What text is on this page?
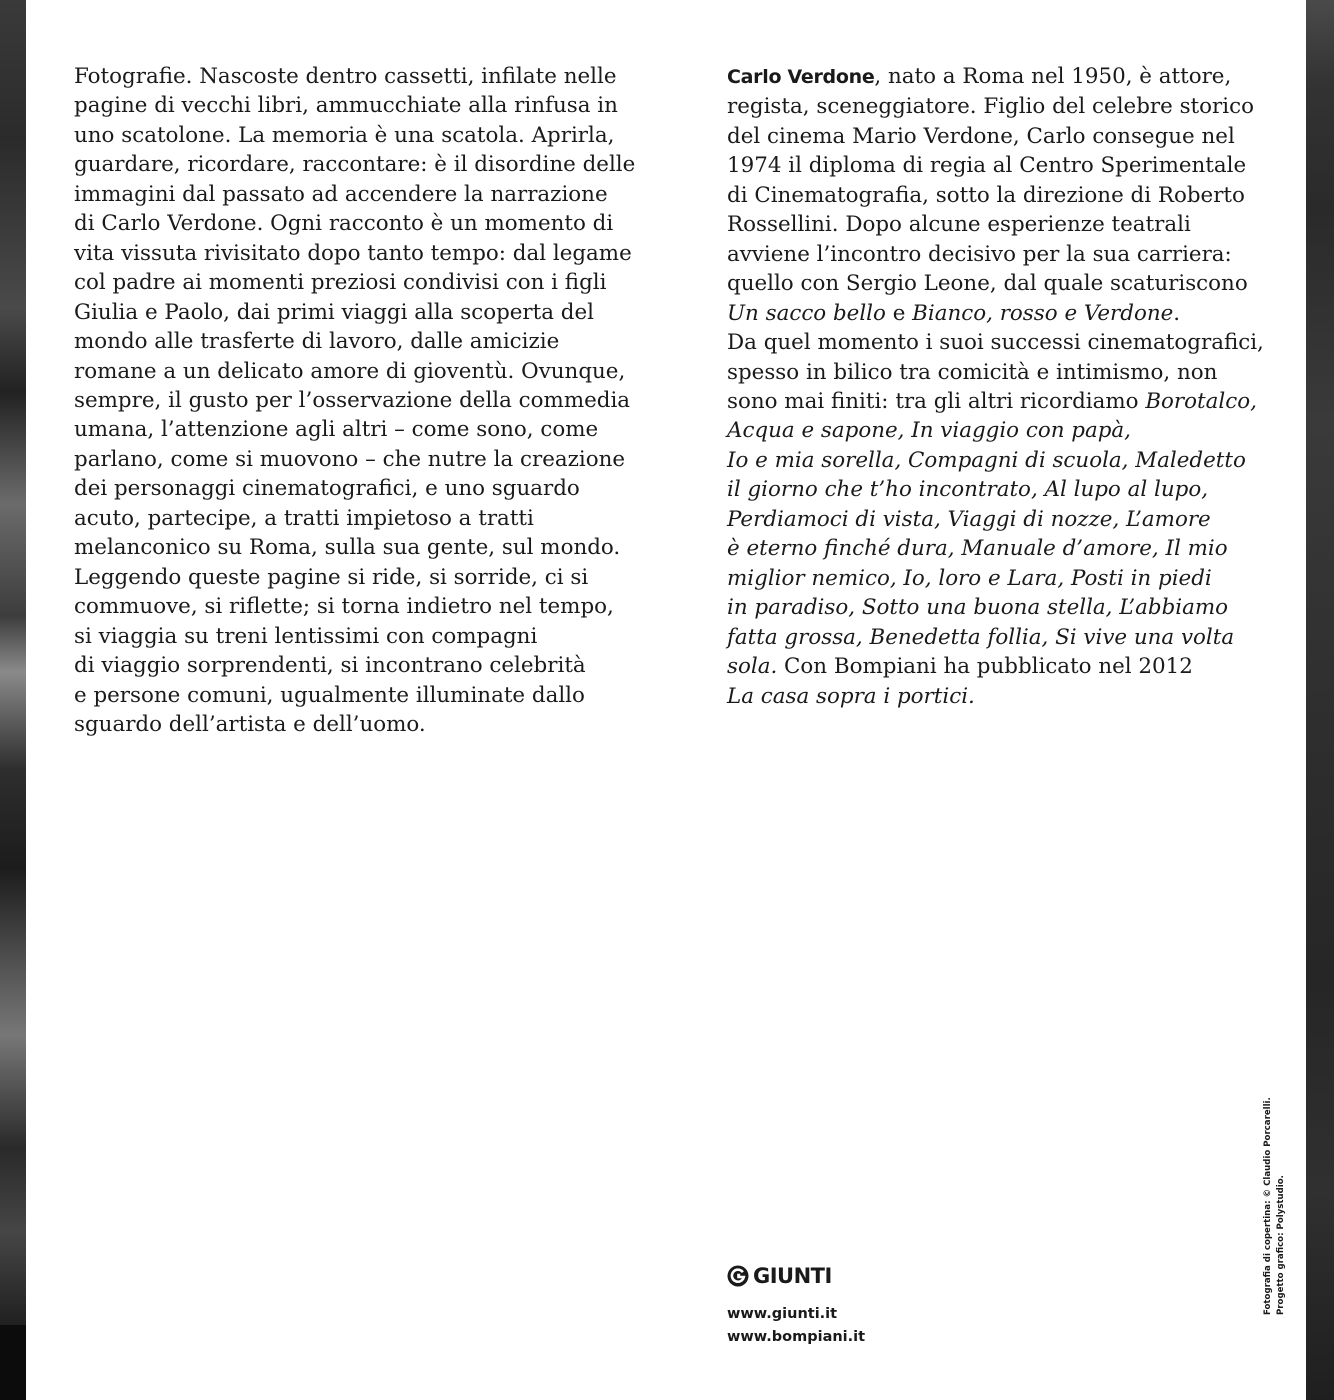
Fotografie. Nascoste dentro cassetti, infilate nelle
pagine di vecchi libri, ammucchiate alla rinfusa in
uno scatolone. La memoria è una scatola. Aprirla,
guardare, ricordare, raccontare: è il disordine delle
immagini dal passato ad accendere la narrazione
di Carlo Verdone. Ogni racconto è un momento di
vita vissuta rivisitato dopo tanto tempo: dal legame
col padre ai momenti preziosi condivisi con i figli
Giulia e Paolo, dai primi viaggi alla scoperta del
mondo alle trasferte di lavoro, dalle amicizie
romane a un delicato amore di gioventù. Ovunque,
sempre, il gusto per l’osservazione della commedia
umana, l’attenzione agli altri – come sono, come
parlano, come si muovono – che nutre la creazione
dei personaggi cinematografici, e uno sguardo
acuto, partecipe, a tratti impietoso a tratti
melanconico su Roma, sulla sua gente, sul mondo.
Leggendo queste pagine si ride, si sorride, ci si
commuove, si riflette; si torna indietro nel tempo,
si viaggia su treni lentissimi con compagni
di viaggio sorprendenti, si incontrano celebrità
e persone comuni, ugualmente illuminate dallo
sguardo dell’artista e dell’uomo.
Carlo Verdone, nato a Roma nel 1950, è attore,
regista, sceneggiatore. Figlio del celebre storico
del cinema Mario Verdone, Carlo consegue nel
1974 il diploma di regia al Centro Sperimentale
di Cinematografia, sotto la direzione di Roberto
Rossellini. Dopo alcune esperienze teatrali
avviene l’incontro decisivo per la sua carriera:
quello con Sergio Leone, dal quale scaturiscono
Un sacco bello e Bianco, rosso e Verdone.
Da quel momento i suoi successi cinematografici,
spesso in bilico tra comicità e intimismo, non
sono mai finiti: tra gli altri ricordiamo Borotalco,
Acqua e sapone, In viaggio con papà,
Io e mia sorella, Compagni di scuola, Maledetto
il giorno che t’ho incontrato, Al lupo al lupo,
Perdiamoci di vista, Viaggi di nozze, L’amore
è eterno finché dura, Manuale d’amore, Il mio
miglior nemico, Io, loro e Lara, Posti in piedi
in paradiso, Sotto una buona stella, L’abbiamo
fatta grossa, Benedetta follia, Si vive una volta
sola. Con Bompiani ha pubblicato nel 2012
La casa sopra i portici.
GIUNTI
www.giunti.it
www.bompiani.it
Fotografia di copertina: © Claudio Porcarelli. Progetto grafico: Polystudio.
